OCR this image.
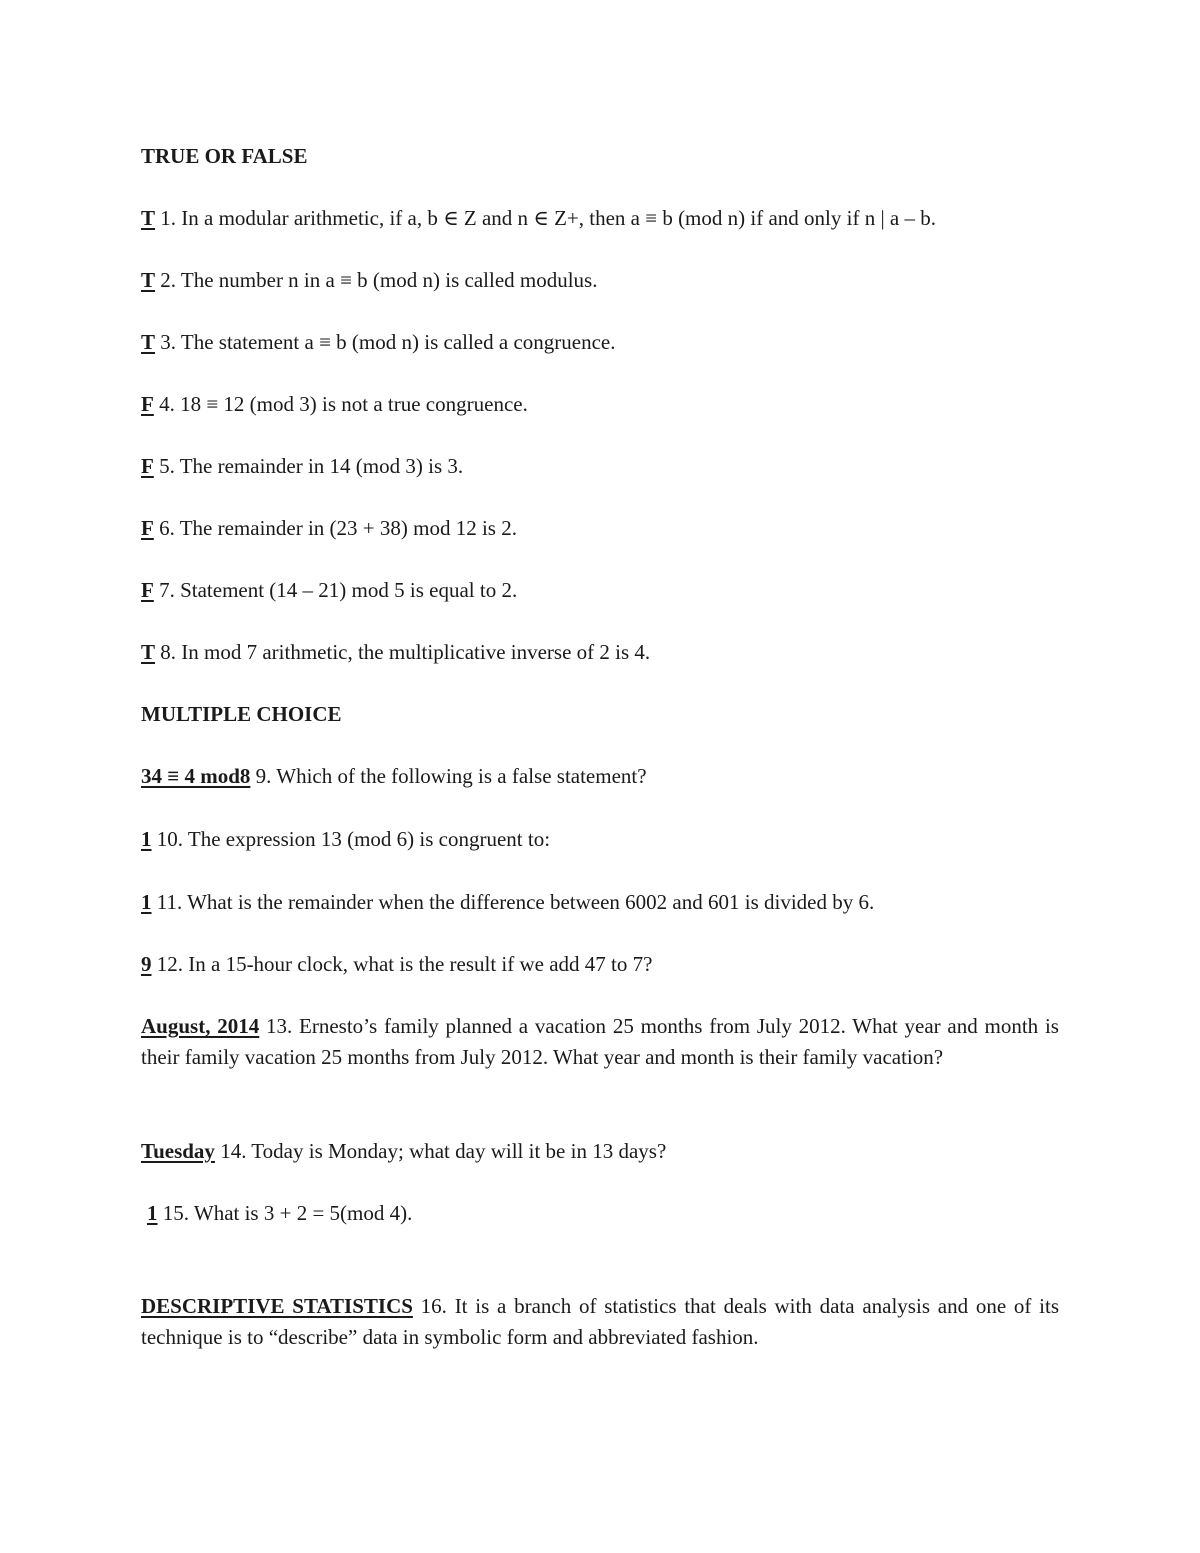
TRUE OR FALSE
T 1. In a modular arithmetic, if a, b ∈ Z and n ∈ Z+, then a ≡ b (mod n) if and only if n | a – b.
T 2. The number n in a ≡ b (mod n) is called modulus.
T 3. The statement a ≡ b (mod n) is called a congruence.
F 4. 18 ≡ 12 (mod 3) is not a true congruence.
F 5. The remainder in 14 (mod 3) is 3.
F 6. The remainder in (23 + 38) mod 12 is 2.
F 7. Statement (14 – 21) mod 5 is equal to 2.
T 8. In mod 7 arithmetic, the multiplicative inverse of 2 is 4.
MULTIPLE CHOICE
34 ≡ 4 mod8 9. Which of the following is a false statement?
1 10. The expression 13 (mod 6) is congruent to:
1 11. What is the remainder when the difference between 6002 and 601 is divided by 6.
9 12. In a 15-hour clock, what is the result if we add 47 to 7?
August, 2014 13. Ernesto’s family planned a vacation 25 months from July 2012. What year and month is their family vacation 25 months from July 2012. What year and month is their family vacation?
Tuesday 14. Today is Monday; what day will it be in 13 days?
1 15. What is 3 + 2 = 5(mod 4).
DESCRIPTIVE STATISTICS 16. It is a branch of statistics that deals with data analysis and one of its technique is to “describe” data in symbolic form and abbreviated fashion.
